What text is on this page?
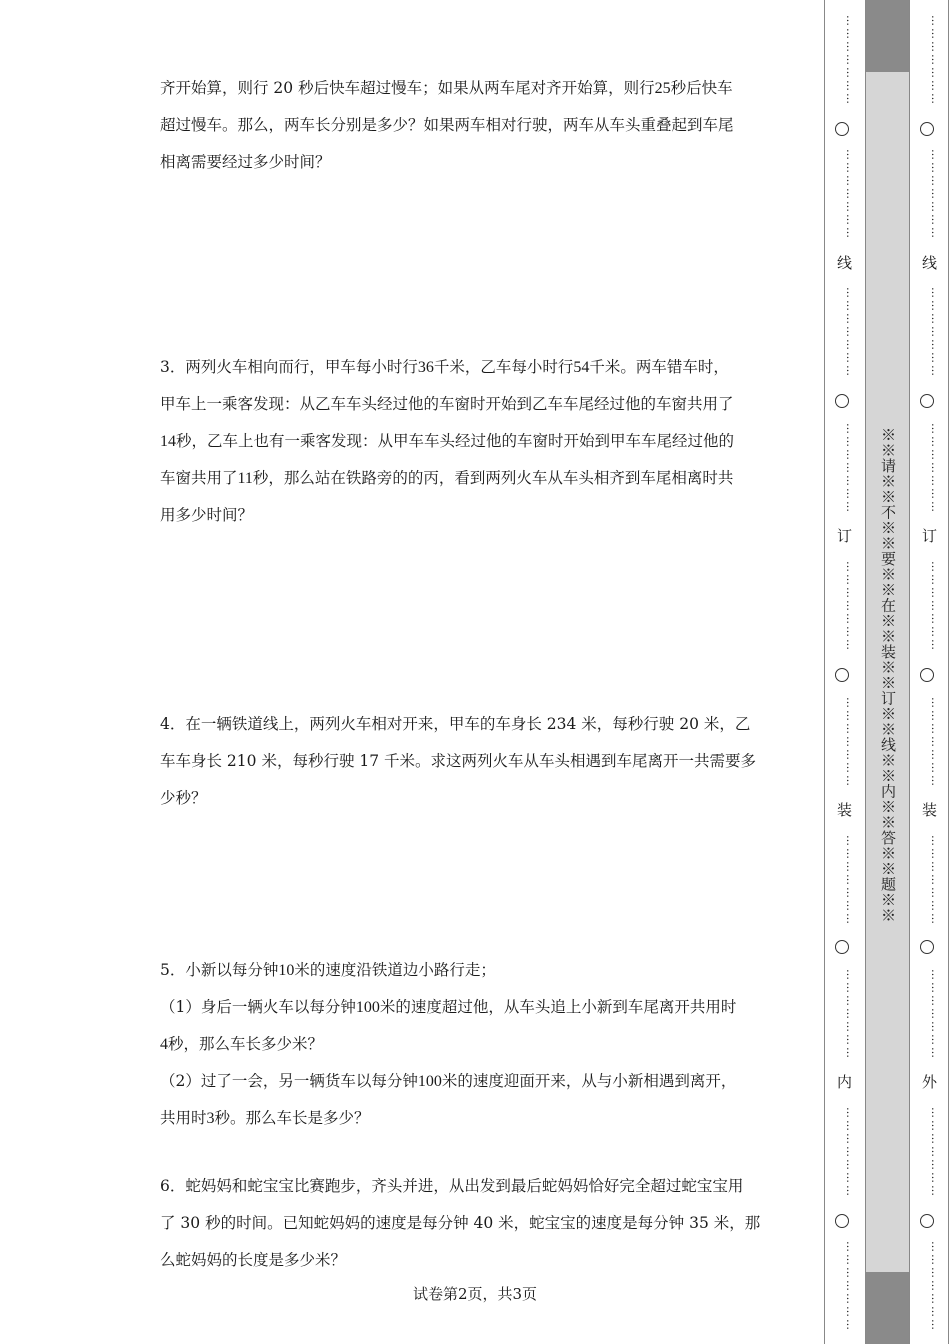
齐开始算，则行 20 秒后快车超过慢车；如果从两车尾对齐开始算，则行25秒后快车

超过慢车。那么，两车长分别是多少？如果两车相对行驶，两车从车头重叠起到车尾

相离需要经过多少时间？

3．两列火车相向而行，甲车每小时行36千米，乙车每小时行54千米。两车错车时，

甲车上一乘客发现：从乙车车头经过他的车窗时开始到乙车车尾经过他的车窗共用了

14秒，乙车上也有一乘客发现：从甲车车头经过他的车窗时开始到甲车车尾经过他的

车窗共用了11秒，那么站在铁路旁的的丙，看到两列火车从车头相齐到车尾相离时共

用多少时间？

4．在一辆铁道线上，两列火车相对开来，甲车的车身长 234 米，每秒行驶 20 米，乙

车车身长 210 米，每秒行驶 17 千米。求这两列火车从车头相遇到车尾离开一共需要多

少秒？

5．小新以每分钟10米的速度沿铁道边小路行走；

（1）身后一辆火车以每分钟100米的速度超过他，从车头追上小新到车尾离开共用时

4秒，那么车长多少米？

（2）过了一会，另一辆货车以每分钟100米的速度迎面开来，从与小新相遇到离开，

共用时3秒。那么车长是多少？

6．蛇妈妈和蛇宝宝比赛跑步，齐头并进，从出发到最后蛇妈妈恰好完全超过蛇宝宝用

了 30 秒的时间。已知蛇妈妈的速度是每分钟 40 米，蛇宝宝的速度是每分钟 35 米，那

么蛇妈妈的长度是多少米？

试卷第2页，共3页
※※请※※不※※要※※在※※装※※订※※线※※内※※答※※题※※
…………………
…………………
线
…………………
…………………
订
…………………
…………………
装
…………………
…………………
内
…………………
…………………
…………………
…………………
线
…………………
…………………
订
…………………
…………………
装
…………………
…………………
外
…………………
…………………
